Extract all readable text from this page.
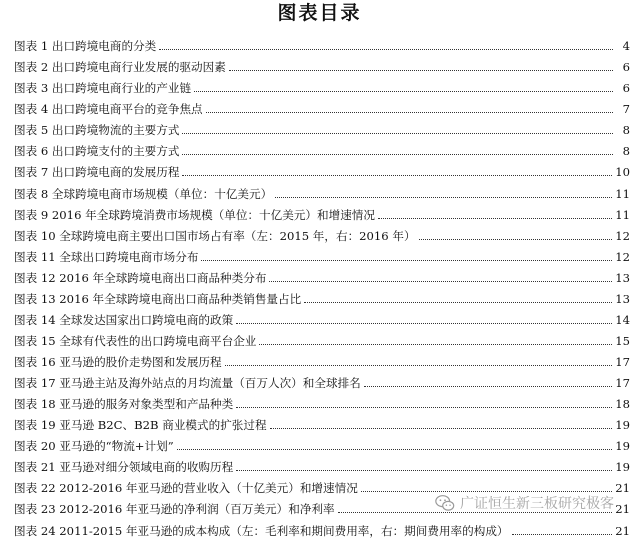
图表目录
图表 1 出口跨境电商的分类	4
图表 2 出口跨境电商行业发展的驱动因素	6
图表 3 出口跨境电商行业的产业链	6
图表 4 出口跨境电商平台的竞争焦点	7
图表 5 出口跨境物流的主要方式	8
图表 6 出口跨境支付的主要方式	8
图表 7 出口跨境电商的发展历程	10
图表 8 全球跨境电商市场规模（单位：十亿美元）	11
图表 9 2016 年全球跨境消费市场规模（单位：十亿美元）和增速情况	11
图表 10 全球跨境电商主要出口国市场占有率（左：2015 年，右：2016 年）	12
图表 11 全球出口跨境电商市场分布	12
图表 12 2016 年全球跨境电商出口商品种类分布	13
图表 13 2016 年全球跨境电商出口商品种类销售量占比	13
图表 14 全球发达国家出口跨境电商的政策	14
图表 15 全球有代表性的出口跨境电商平台企业	15
图表 16 亚马逊的股价走势图和发展历程	17
图表 17 亚马逊主站及海外站点的月均流量（百万人次）和全球排名	17
图表 18 亚马逊的服务对象类型和产品种类	18
图表 19 亚马逊 B2C、B2B 商业模式的扩张过程	19
图表 20 亚马逊的“物流+计划”	19
图表 21 亚马逊对细分领域电商的收购历程	19
图表 22 2012-2016 年亚马逊的营业收入（十亿美元）和增速情况	21
图表 23 2012-2016 年亚马逊的净利润（百万美元）和净利率	21
图表 24 2011-2015 年亚马逊的成本构成（左：毛利率和期间费用率，右：期间费用率的构成）	21
广证恒生新三板研究极客
